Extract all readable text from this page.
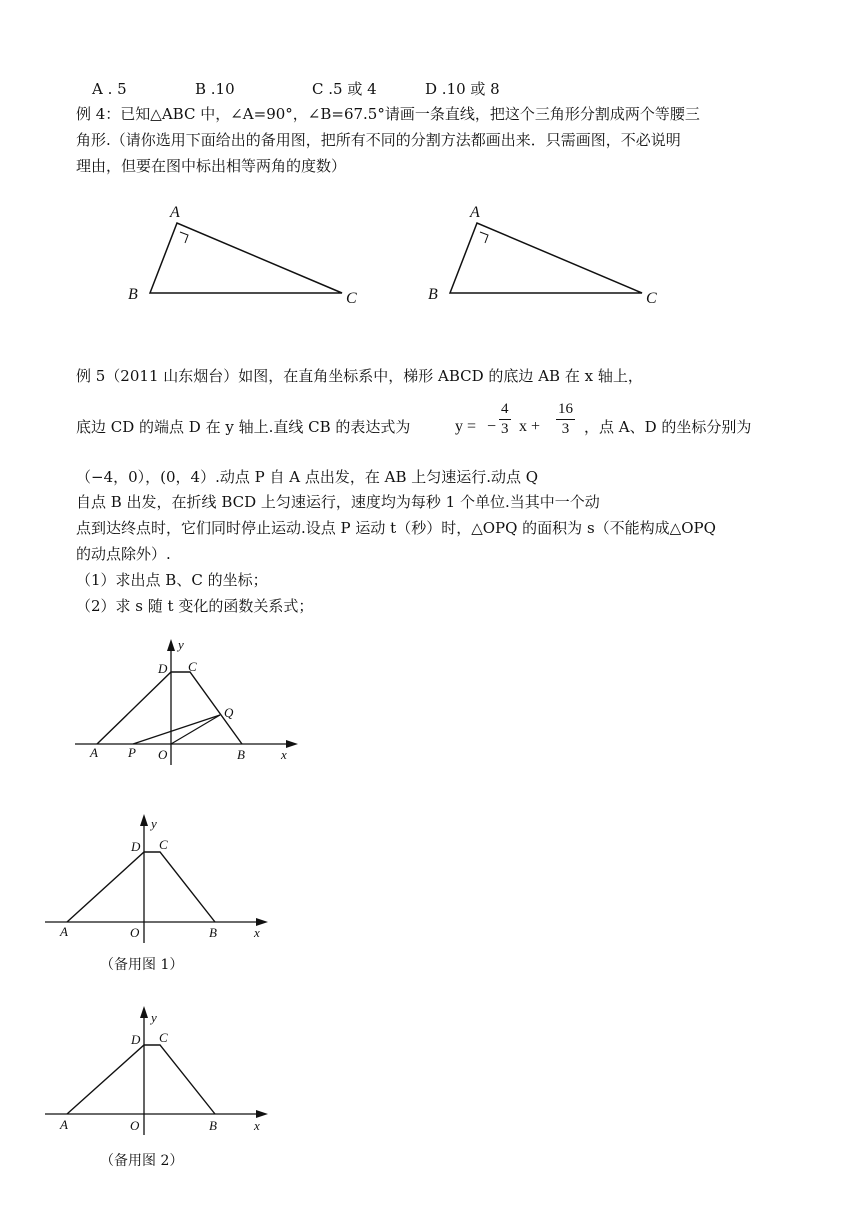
A . 5	B .10	C .5 或 4	D .10 或 8
例 4：已知△ABC 中，∠A=90°，∠B=67.5°请画一条直线，把这个三角形分割成两个等腰三
角形.（请你选用下面给出的备用图，把所有不同的分割方法都画出来．只需画图，不必说明
理由，但要在图中标出相等两角的度数）
A
B	C
A
B	C
例 5（2011 山东烟台）如图，在直角坐标系中，梯形 ABCD 的底边 AB 在 x 轴上，
底边 CD 的端点 D 在 y 轴上.直线 CB 的表达式为	y = − $\frac{4}{3}$ $x + \frac{16}{3}$ ，点 A、D 的坐标分别为
（−4，0），(0，4）.动点 P 自 A 点出发，在 AB 上匀速运行.动点 Q
自点 B 出发，在折线 BCD 上匀速运行，速度均为每秒 1 个单位.当其中一个动
点到达终点时，它们同时停止运动.设点 P 运动 t（秒）时，△OPQ 的面积为 s（不能构成△OPQ
的动点除外）.
（1）求出点 B、C 的坐标；
（2）求 s 随 t 变化的函数关系式；
y
D C
Q
A P O	B	x
y
D C
A	O	B	x
（备用图 1）
y
D C
A	O	B	x
（备用图 2）
